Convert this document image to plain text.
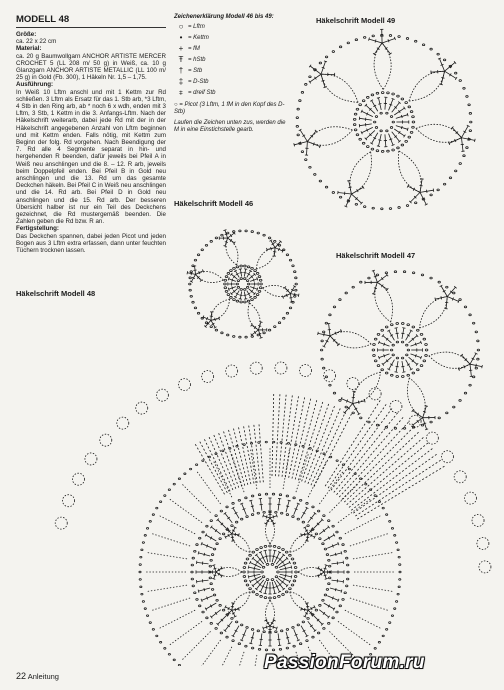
MODELL 48
Größe:
ca. 22 x 22 cm
Material:
ca. 20 g Baumwollgarn ANCHOR ARTISTE MERCER CROCHET 5 (LL 208 m/ 50 g) in Weiß, ca. 10 g Glanzgarn ANCHOR ARTISTE METALLIC (LL 100 m/ 25 g) in Gold (Fb. 300), 1 Häkeln Nr. 1,5 – 1,75.
Ausführung:
In Weiß 10 Lftm anschl und mit 1 Kettm zur Rd schließen. 3 Lftm als Ersatz für das 1. Stb arb, *3 Lftm, 4 Stb in den Ring arb, ab * noch 6 x wdh, enden mit 3 Lftm, 3 Stb, 1 Kettm in die 3. Anfangs-Lftm. Nach der Häkelschrift weiterarb, dabei jede Rd mit der in der Häkelschrift angegebenen Anzahl von Lftm beginnen und mit Kettm enden. Falls nötig, mit Kettm zum Beginn der folg. Rd vorgehen. Nach Beendigung der 7. Rd alle 4 Segmente separat in hin- und hergehenden R beenden, dafür jeweils bei Pfeil A in Weiß neu anschlingen und die 8. – 12. R arb, jeweils beim Doppelpfeil enden. Bei Pfeil B in Gold neu anschlingen und die 13. Rd um das gesamte Deckchen häkeln. Bei Pfeil C in Weiß neu anschlingen und die 14. Rd arb. Bei Pfeil D in Gold neu anschlingen und die 15. Rd arb. Der besseren Übersicht halber ist nur ein Teil des Deckchens gezeichnet, die Rd mustergemäß beenden. Die Zahlen geben die Rd bzw. R an.
Fertigstellung:
Das Deckchen spannen, dabei jeden Picot und jeden Bogen aus 3 Lftm extra erfassen, dann unter feuchten Tüchern trocknen lassen.
Zeichenerklärung Modell 46 bis 49:
○ = Lftm
• = Kettm
+ = fM
Ŧ = hStb
† = Stb
‡ = D-Stb
⧧ = dreif Stb
○ = Picot (3 Lftm, 1 fM in den Kopf des D-Stb)
Laufen die Zeichen unten zus, werden die M in eine Einstichstelle gearb.
Häkelschrift Modell 49
Häkelschrift Modell 46
Häkelschrift Modell 47
Häkelschrift Modell 48
22 Anleitung
PassionForum.ru
